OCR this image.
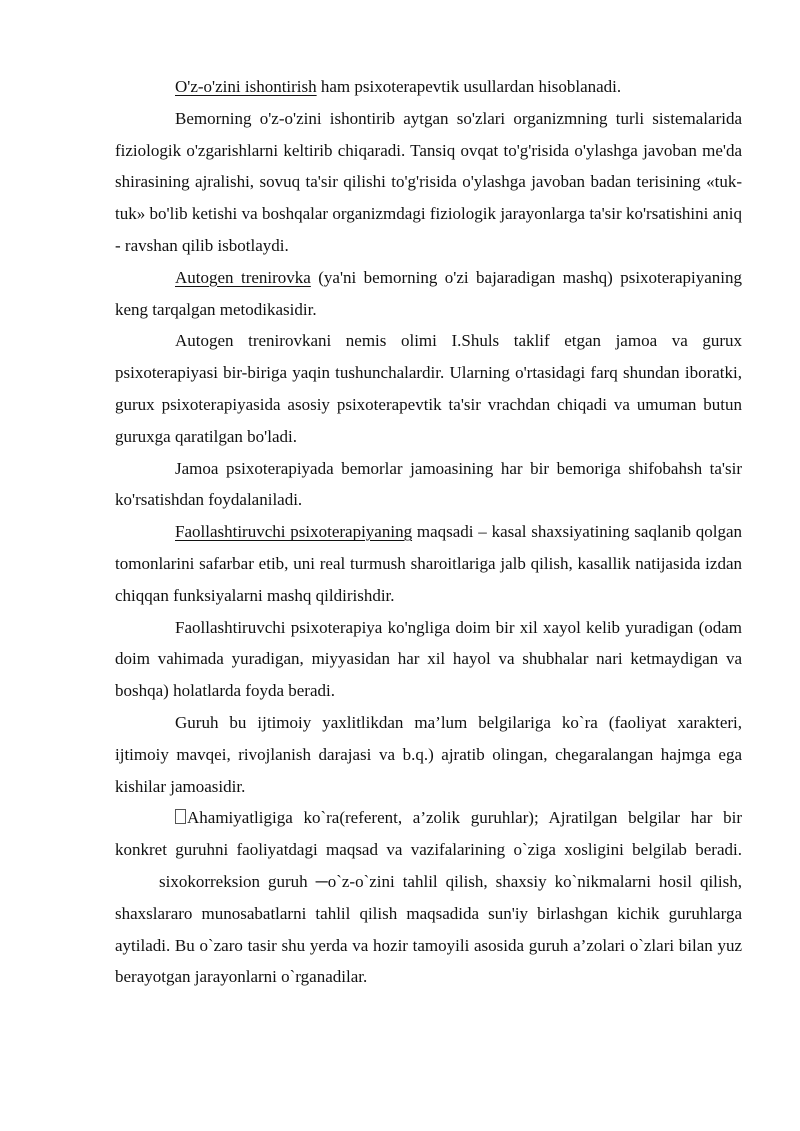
O'z-o'zini ishontirish ham psixoterapevtik usullardan hisoblanadi.

Bemorning o'z-o'zini ishontirib aytgan so'zlari organizmning turli sistemalarida fiziologik o'zgarishlarni keltirib chiqaradi. Tansiq ovqat to'g'risida o'ylashga javoban me'da shirasining ajralishi, sovuq ta'sir qilishi to'g'risida o'ylashga javoban badan terisining «tuk-tuk» bo'lib ketishi va boshqalar organizmdagi fiziologik jarayonlarga ta'sir ko'rsatishini aniq - ravshan qilib isbotlaydi.

Autogen trenirovka (ya'ni bemorning o'zi bajaradigan mashq) psixoterapiyaning keng tarqalgan metodikasidir.

Autogen trenirovkani nemis olimi I.Shuls taklif etgan jamoa va gurux psixoterapiyasi bir-biriga yaqin tushunchalardir. Ularning o'rtasidagi farq shundan iboratki, gurux psixoterapiyasida asosiy psixoterapevtik ta'sir vrachdan chiqadi va umuman butun guruxga qaratilgan bo'ladi.

Jamoa psixoterapiyada bemorlar jamoasining har bir bemoriga shifobahsh ta'sir ko'rsatishdan foydalaniladi.

Faollashtiruvchi psixoterapiyaning maqsadi – kasal shaxsiyatining saqlanib qolgan tomonlarini safarbar etib, uni real turmush sharoitlariga jalb qilish, kasallik natijasida izdan chiqqan funksiyalarni mashq qildirishdir.

Faollashtiruvchi psixoterapiya ko'ngliga doim bir xil xayol kelib yuradigan (odam doim vahimada yuradigan, miyyasidan har xil hayol va shubhalar nari ketmaydigan va boshqa) holatlarda foyda beradi.

Guruh bu ijtimoiy yaxlitlikdan ma’lum belgilariga ko`ra (faoliyat xarakteri, ijtimoiy mavqei, rivojlanish darajasi va b.q.) ajratib olingan, chegaralangan hajmga ega kishilar jamoasidir.

Ahamiyatligiga ko`ra(referent, a’zolik guruhlar); Ajratilgan belgilar har bir konkret guruhni faoliyatdagi maqsad va vazifalarining o`ziga xosligini belgilab beradi.sixokorreksion guruh ─o`z-o`zini tahlil qilish, shaxsiy ko`nikmalarni hosil qilish, shaxslararo munosabatlarni tahlil qilish maqsadida sun'iy birlashgan kichik guruhlarga aytiladi. Bu o`zaro tasir shu yerda va hozir tamoyili asosida guruh a’zolari o`zlari bilan yuz berayotgan jarayonlarni o`rganadilar.
